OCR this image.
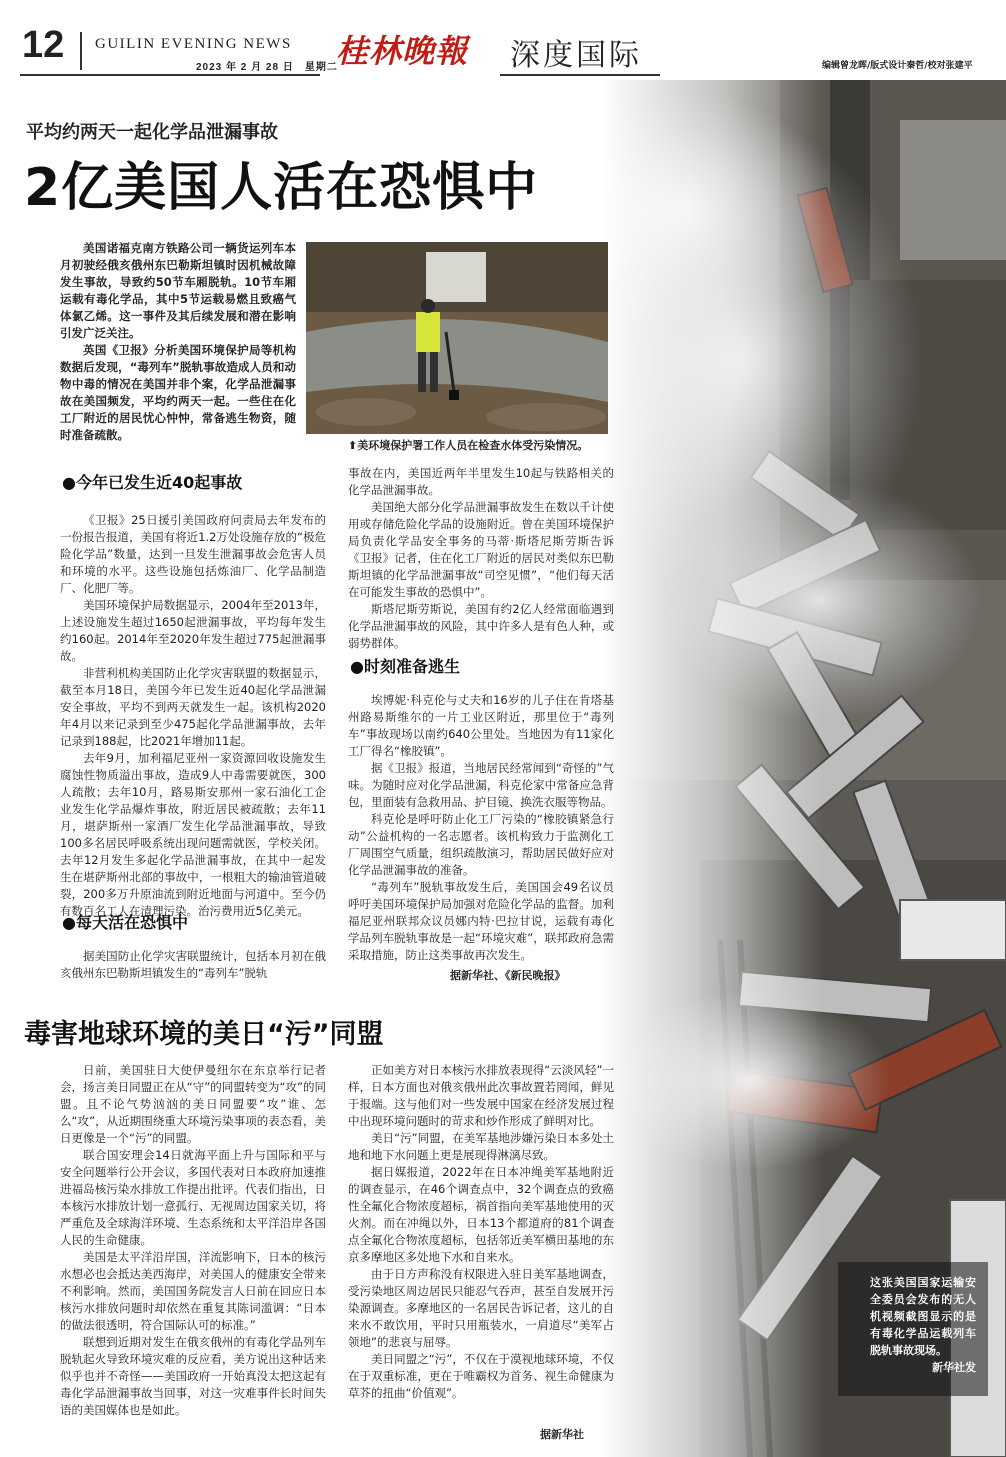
12 GUILIN EVENING NEWS
2023 年 2 月 28 日　星期二
桂林晚報 深度国际	编辑曾龙晖/版式设计秦哲/校对张建平
平均约两天一起化学品泄漏事故
2亿美国人活在恐惧中

美国诺福克南方铁路公司一辆货运列车本月初驶经俄亥俄州东巴勒斯坦镇时因机械故障发生事故，导致约50节车厢脱轨。10节车厢运载有毒化学品，其中5节运载易燃且致癌气体氯乙烯。这一事件及其后续发展和潜在影响引发广泛关注。

英国《卫报》分析美国环境保护局等机构数据后发现，“毒列车”脱轨事故造成人员和动物中毒的情况在美国并非个案，化学品泄漏事故在美国频发，平均约两天一起。一些住在化工厂附近的居民忧心忡忡，常备逃生物资，随时准备疏散。

⬆美环境保护署工作人员在检查水体受污染情况。
●今年已发生近40起事故

《卫报》25日援引美国政府问责局去年发布的一份报告报道，美国有将近1.2万处设施存放的“极危险化学品”数量，达到一旦发生泄漏事故会危害人员和环境的水平。这些设施包括炼油厂、化学品制造厂、化肥厂等。

美国环境保护局数据显示，2004年至2013年，上述设施发生超过1650起泄漏事故，平均每年发生约160起。2014年至2020年发生超过775起泄漏事故。

非营利机构美国防止化学灾害联盟的数据显示，截至本月18日，美国今年已发生近40起化学品泄漏安全事故，平均不到两天就发生一起。该机构2020年4月以来记录到至少475起化学品泄漏事故，去年记录到188起，比2021年增加11起。

去年9月，加利福尼亚州一家资源回收设施发生腐蚀性物质溢出事故，造成9人中毒需要就医，300人疏散；去年10月，路易斯安那州一家石油化工企业发生化学品爆炸事故，附近居民被疏散；去年11月，堪萨斯州一家酒厂发生化学品泄漏事故，导致100多名居民呼吸系统出现问题需就医，学校关闭。去年12月发生多起化学品泄漏事故，在其中一起发生在堪萨斯州北部的事故中，一根粗大的输油管道破裂，200多万升原油流到附近地面与河道中。至今仍有数百名工人在清理污染。治污费用近5亿美元。

●每天活在恐惧中

据美国防止化学灾害联盟统计，包括本月初在俄亥俄州东巴勒斯坦镇发生的“毒列车”脱轨

事故在内，美国近两年半里发生10起与铁路相关的化学品泄漏事故。

美国绝大部分化学品泄漏事故发生在数以千计使用或存储危险化学品的设施附近。曾在美国环境保护局负责化学品安全事务的马蒂·斯塔尼斯劳斯告诉《卫报》记者，住在化工厂附近的居民对类似东巴勒斯坦镇的化学品泄漏事故“司空见惯”，“他们每天活在可能发生事故的恐惧中”。

斯塔尼斯劳斯说，美国有约2亿人经常面临遇到化学品泄漏事故的风险，其中许多人是有色人种，或弱势群体。

●时刻准备逃生

埃博妮·科克伦与丈夫和16岁的儿子住在肯塔基州路易斯维尔的一片工业区附近，那里位于“毒列车”事故现场以南约640公里处。当地因为有11家化工厂得名“橡胶镇”。

据《卫报》报道，当地居民经常闻到“奇怪的”气味。为随时应对化学品泄漏，科克伦家中常备应急背包，里面装有急救用品、护目镜、换洗衣服等物品。

科克伦是呼吁防止化工厂污染的“橡胶镇紧急行动”公益机构的一名志愿者。该机构致力于监测化工厂周围空气质量，组织疏散演习，帮助居民做好应对化学品泄漏事故的准备。

“毒列车”脱轨事故发生后，美国国会49名议员呼吁美国环境保护局加强对危险化学品的监督。加利福尼亚州联邦众议员娜内特·巴拉甘说，运载有毒化学品列车脱轨事故是一起“环境灾难”，联邦政府急需采取措施，防止这类事故再次发生。

据新华社、《新民晚报》
毒害地球环境的美日“污”同盟

日前，美国驻日大使伊曼纽尔在东京举行记者会，扬言美日同盟正在从“守”的同盟转变为“攻”的同盟。且不论气势汹汹的美日同盟要“攻”谁、怎么“攻”，从近期围绕重大环境污染事项的表态看，美日更像是一个“污”的同盟。

联合国安理会14日就海平面上升与国际和平与安全问题举行公开会议，多国代表对日本政府加速推进福岛核污染水排放工作提出批评。代表们指出，日本核污水排放计划一意孤行、无视周边国家关切，将严重危及全球海洋环境、生态系统和太平洋沿岸各国人民的生命健康。

美国是太平洋沿岸国，洋流影响下，日本的核污水想必也会抵达美西海岸，对美国人的健康安全带来不利影响。然而，美国国务院发言人日前在回应日本核污水排放问题时却依然在重复其陈词滥调：“日本的做法很透明，符合国际认可的标准。”

联想到近期对发生在俄亥俄州的有毒化学品列车脱轨起火导致环境灾难的反应看，美方说出这种话来似乎也并不奇怪——美国政府一开始真没太把这起有毒化学品泄漏事故当回事，对这一灾难事件长时间失语的美国媒体也是如此。

正如美方对日本核污水排放表现得“云淡风轻”一样，日本方面也对俄亥俄州此次事故置若罔闻，鲜见于报端。这与他们对一些发展中国家在经济发展过程中出现环境问题时的苛求和炒作形成了鲜明对比。

美日“污”同盟，在美军基地涉嫌污染日本多处土地和地下水问题上更是展现得淋漓尽致。

据日媒报道，2022年在日本冲绳美军基地附近的调查显示，在46个调查点中，32个调查点的致癌性全氟化合物浓度超标，祸首指向美军基地使用的灭火剂。而在冲绳以外，日本13个都道府的81个调查点全氟化合物浓度超标，包括邻近美军横田基地的东京多摩地区多处地下水和自来水。

由于日方声称没有权限进入驻日美军基地调查，受污染地区周边居民只能忍气吞声，甚至自发展开污染源调查。多摩地区的一名居民告诉记者，这儿的自来水不敢饮用，平时只用瓶装水，一肩道尽“美军占领地”的悲哀与屈辱。

美日同盟之“污”，不仅在于漠视地球环境，不仅在于双重标准，更在于唯霸权为首务、视生命健康为草芥的扭曲“价值观”。

据新华社
这张美国国家运输安全委员会发布的无人机视频截图显示的是有毒化学品运载列车脱轨事故现场。
新华社发
